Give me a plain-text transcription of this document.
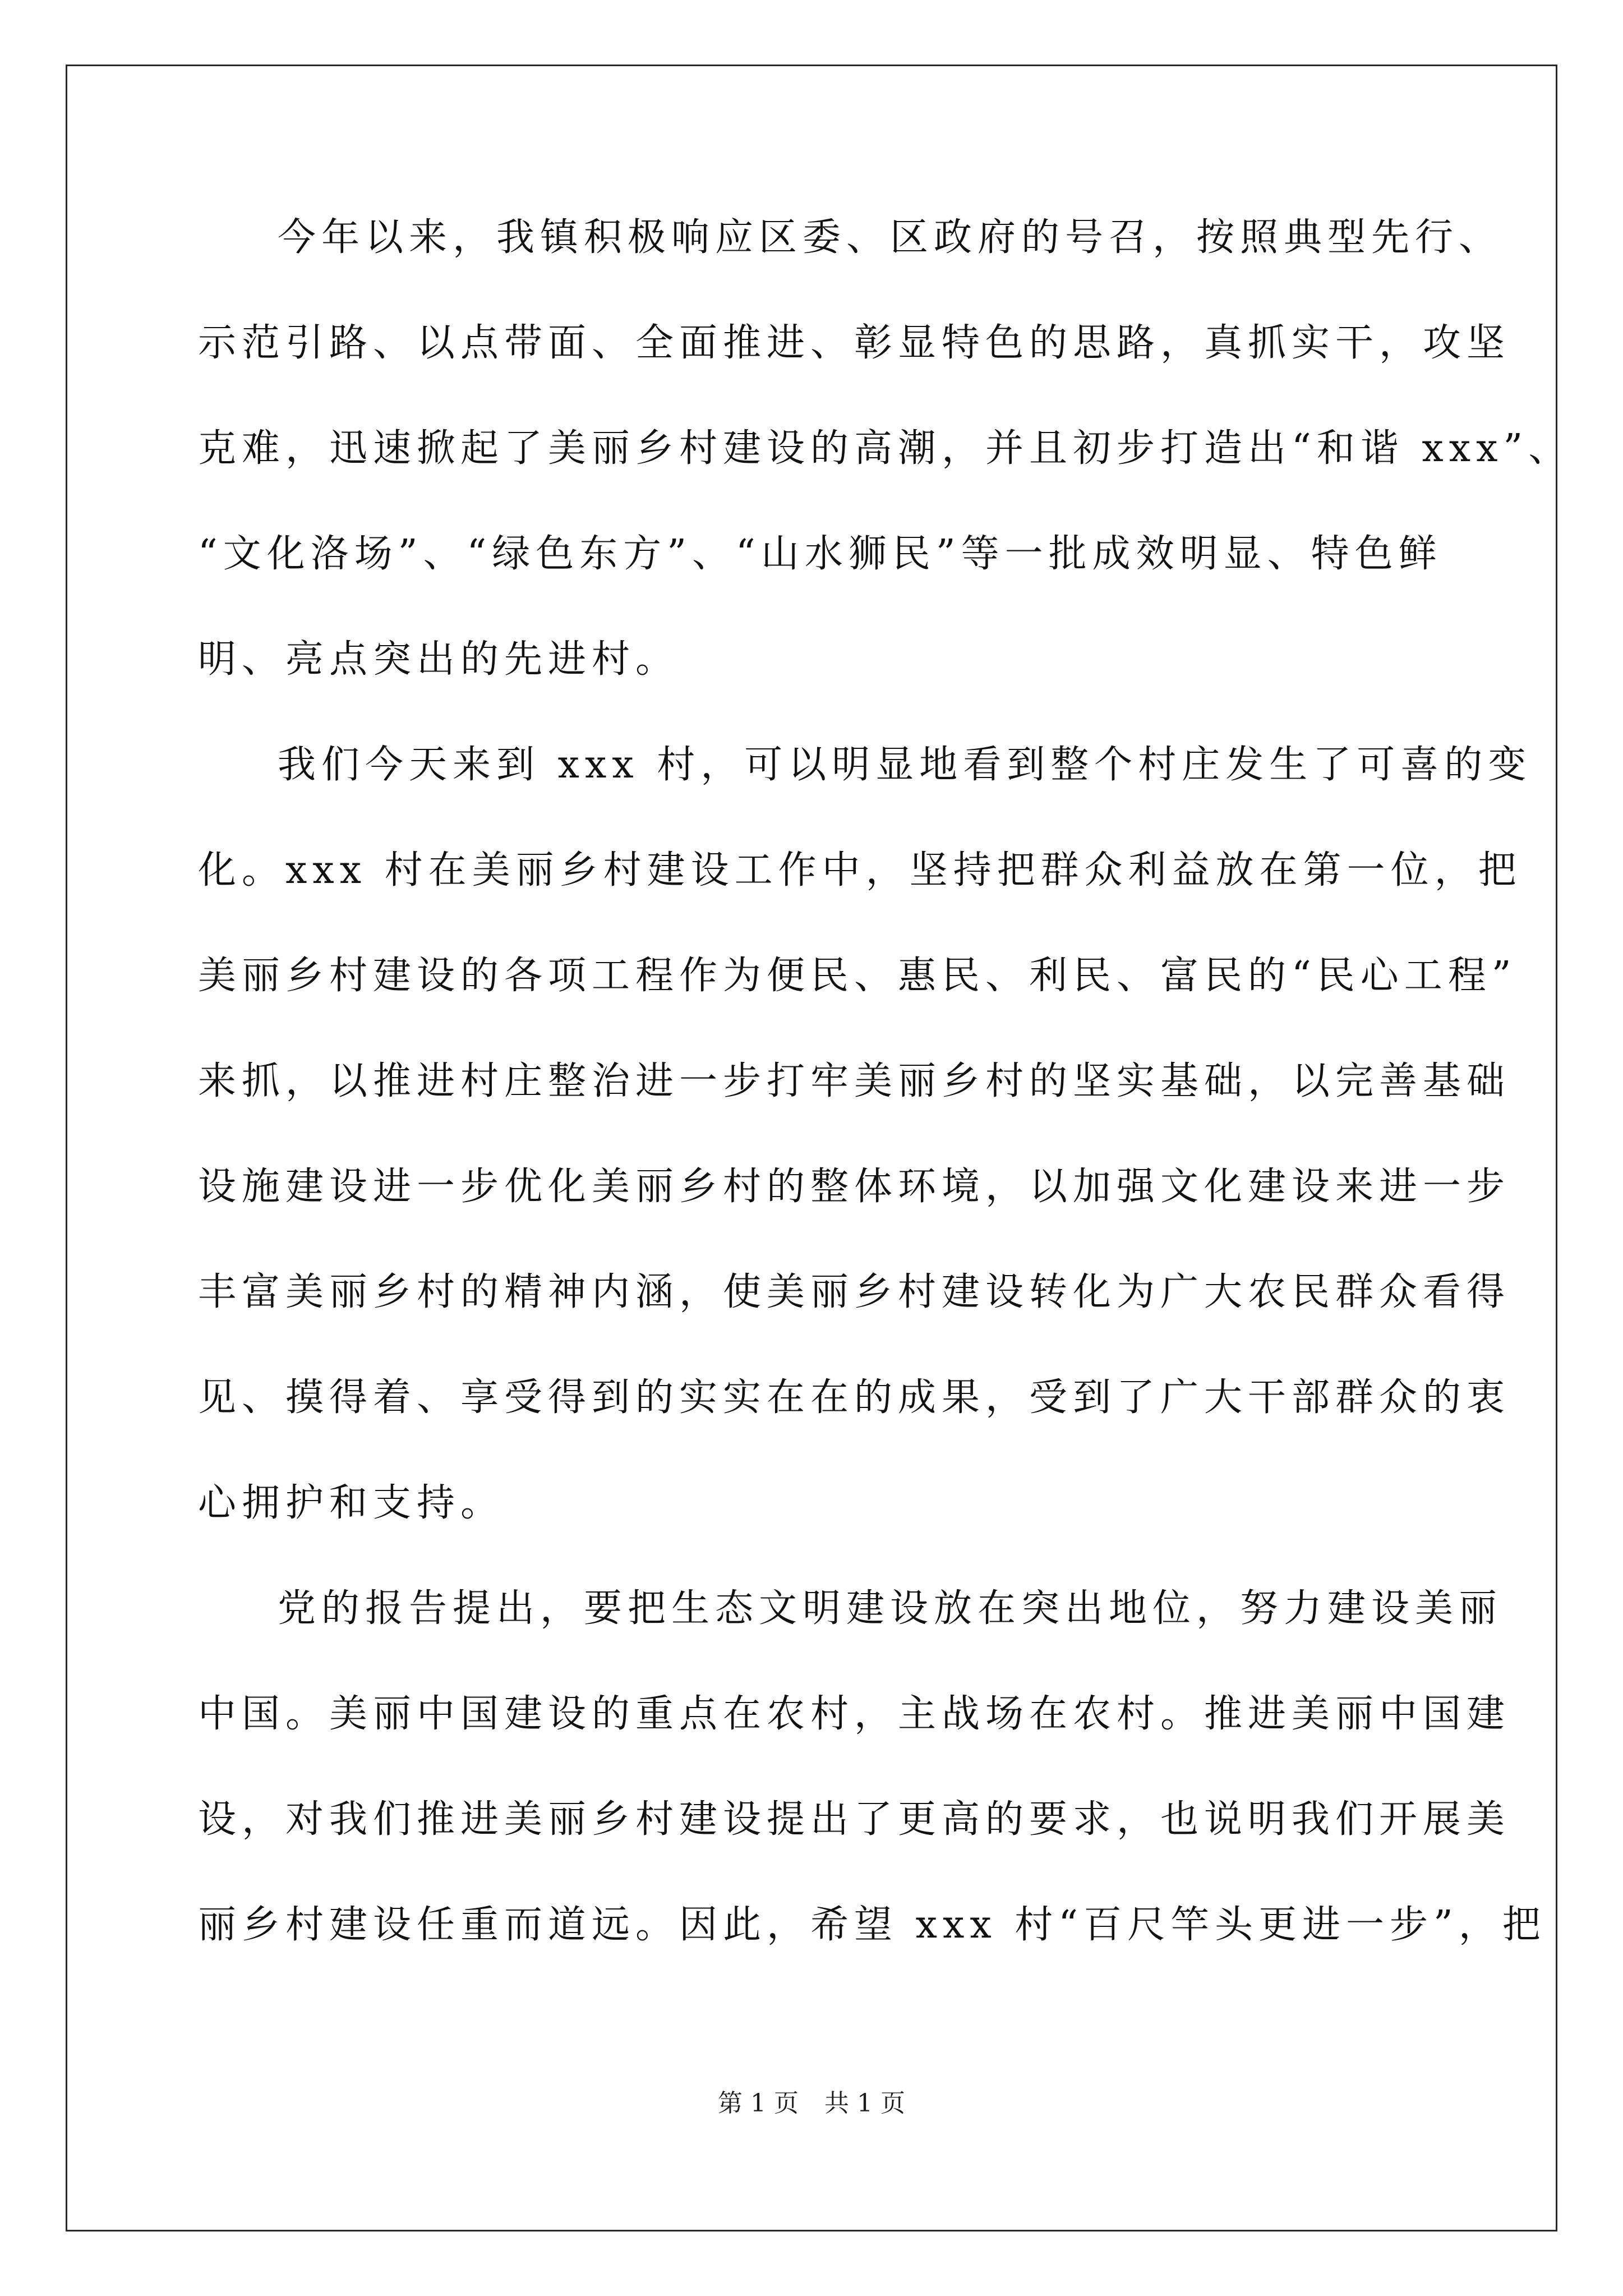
今年以来，我镇积极响应区委、区政府的号召，按照典型先行、
示范引路、以点带面、全面推进、彰显特色的思路，真抓实干，攻坚
克难，迅速掀起了美丽乡村建设的高潮，并且初步打造出“和谐 xxx”、
“文化洛场”、“绿色东方”、“山水狮民”等一批成效明显、特色鲜
明、亮点突出的先进村。
我们今天来到 xxx 村，可以明显地看到整个村庄发生了可喜的变
化。xxx 村在美丽乡村建设工作中，坚持把群众利益放在第一位，把
美丽乡村建设的各项工程作为便民、惠民、利民、富民的“民心工程”
来抓，以推进村庄整治进一步打牢美丽乡村的坚实基础，以完善基础
设施建设进一步优化美丽乡村的整体环境，以加强文化建设来进一步
丰富美丽乡村的精神内涵，使美丽乡村建设转化为广大农民群众看得
见、摸得着、享受得到的实实在在的成果，受到了广大干部群众的衷
心拥护和支持。
党的报告提出，要把生态文明建设放在突出地位，努力建设美丽
中国。美丽中国建设的重点在农村，主战场在农村。推进美丽中国建
设，对我们推进美丽乡村建设提出了更高的要求，也说明我们开展美
丽乡村建设任重而道远。因此，希望 xxx 村“百尺竿头更进一步”，把
第 1 页 共 1 页
